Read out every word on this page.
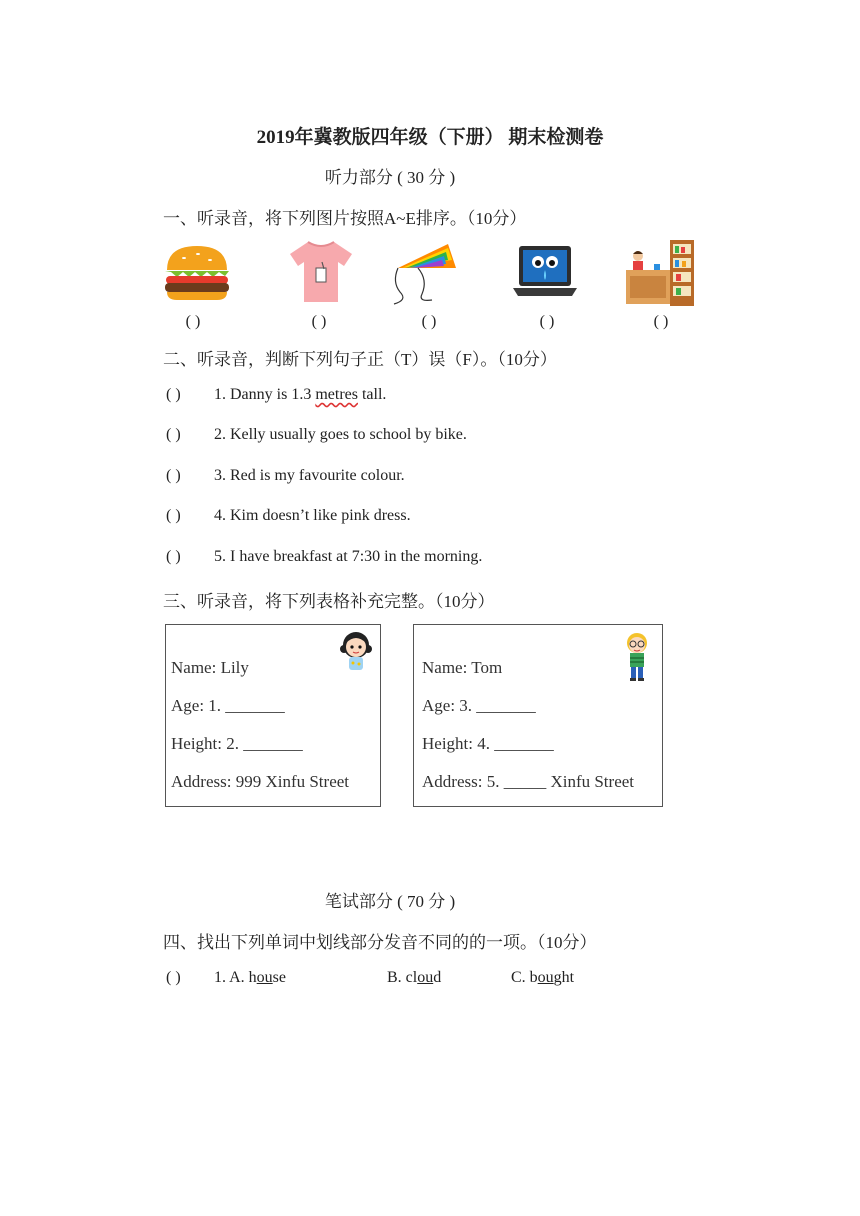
2019年冀教版四年级（下册） 期末检测卷
听力部分 ( 30 分 )
一、听录音，将下列图片按照A~E排序。（10分）
( )	( )	( )	( )	( )
二、听录音，判断下列句子正（T）误（F）。（10分）
( ) 1. Danny is 1.3 metres tall.
( ) 2. Kelly usually goes to school by bike.
( ) 3. Red is my favourite colour.
( ) 4. Kim doesn’t like pink dress.
( ) 5. I have breakfast at 7:30 in the morning.
三、听录音，将下列表格补充完整。（10分）
Name: Lily
Age: 1. _______
Height: 2. _______
Address: 999 Xinfu Street
Name: Tom
Age: 3. _______
Height: 4. _______
Address: 5. _____ Xinfu Street
笔试部分 ( 70 分 )
四、找出下列单词中划线部分发音不同的的一项。（10分）
( ) 1. A. house	B. cloud	C. bought
